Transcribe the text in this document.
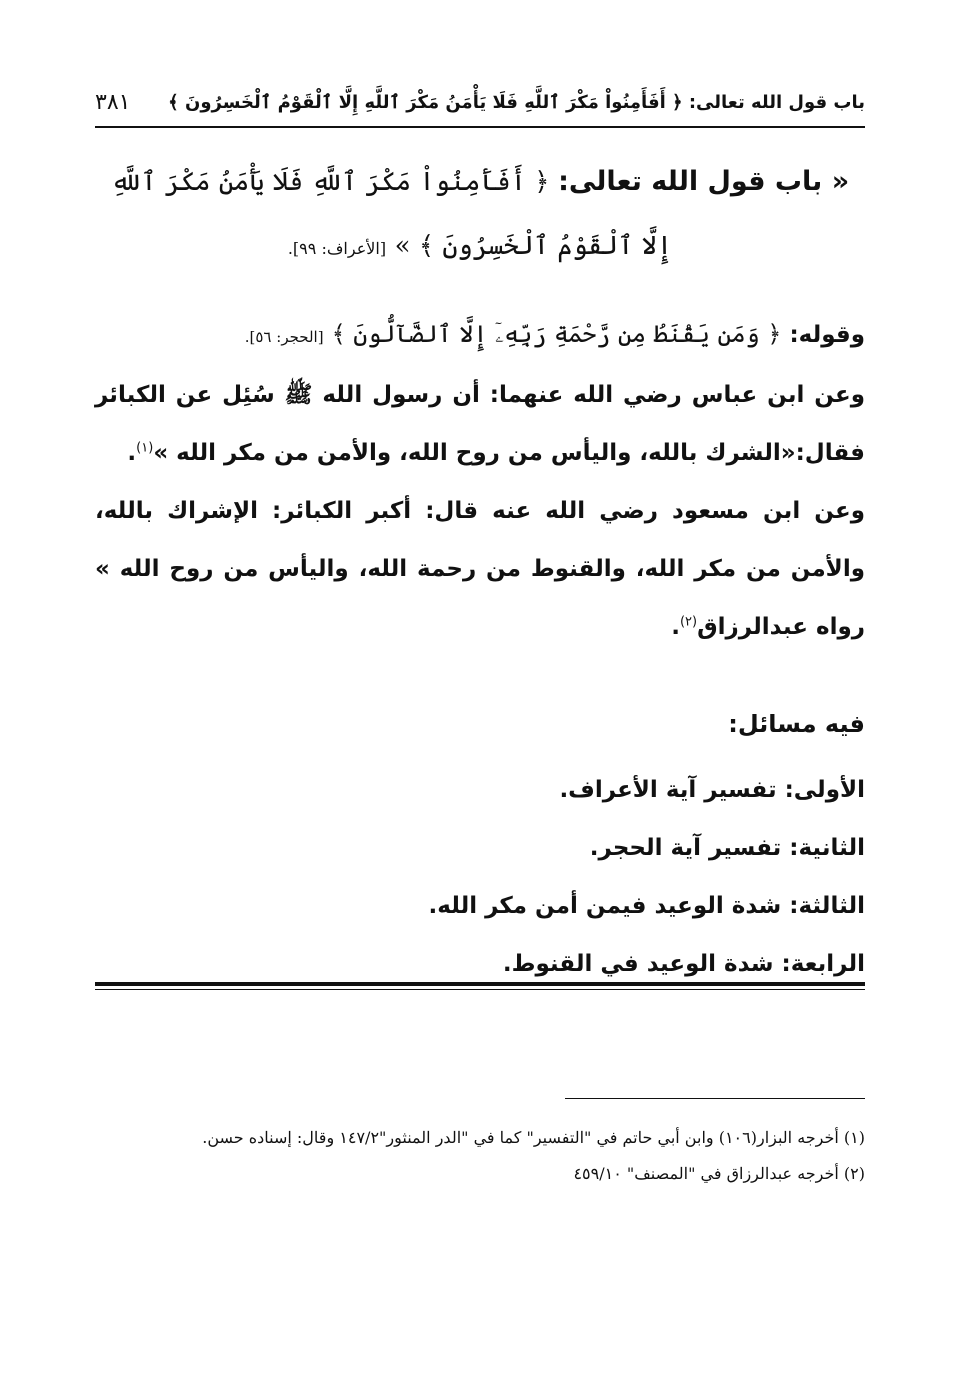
باب قول الله تعالى: ﴿ أَفَأَمِنُواْ مَكْرَ ٱللَّهِ فَلَا يَأْمَنُ مَكْرَ ٱللَّهِ إِلَّا ٱلْقَوْمُ ٱلْخَسِرُونَ ﴾
٣٨١
« باب قول الله تعالى: ﴿ أَفَأَمِنُواْ مَكْرَ ٱللَّهِ فَلَا يَأْمَنُ مَكْرَ ٱللَّهِ إِلَّا ٱلْقَوْمُ ٱلْخَسِرُونَ ﴾ » [الأعراف: ٩٩].

وقوله: ﴿ وَمَن يَقْنَطُ مِن رَّحْمَةِ رَبِّهِۦٓ إِلَّا ٱلضَّآلُّونَ ﴾ [الحجر: ٥٦].

وعن ابن عباس رضي الله عنهما: أن رسول الله ﷺ سُئِل عن الكبائر فقال:«الشرك بالله، واليأس من روح الله، والأمن من مكر الله »$^{(١)}$.

وعن ابن مسعود رضي الله عنه قال: أكبر الكبائر: الإشراك بالله، والأمن من مكر الله، والقنوط من رحمة الله، واليأس من روح الله » رواه عبدالرزاق$^{(٢)}$.

فيه مسائل:

الأولى: تفسير آية الأعراف.
الثانية: تفسير آية الحجر.
الثالثة: شدة الوعيد فيمن أمن مكر الله.
الرابعة: شدة الوعيد في القنوط.

(١) أخرجه البزار(١٠٦) وابن أبي حاتم في "التفسير" كما في "الدر المنثور"١٤٧/٢ وقال: إسناده حسن.

(٢) أخرجه عبدالرزاق في "المصنف" ٤٥٩/١٠
